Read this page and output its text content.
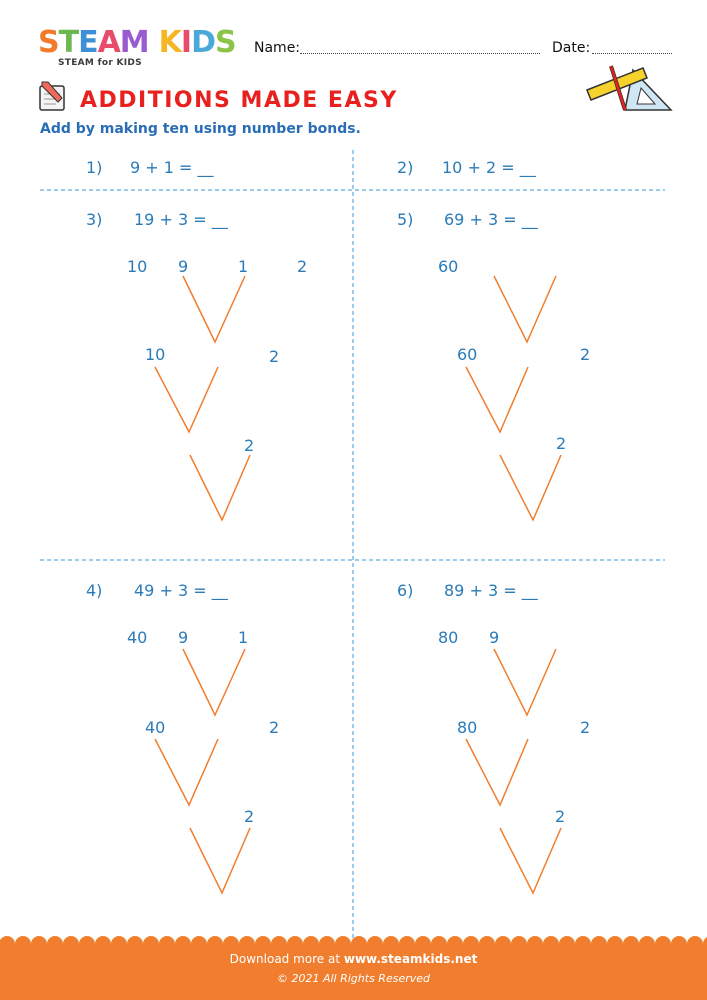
STEAM KIDS
STEAM for KIDS
Name:	Date:
ADDITIONS MADE EASY
Add by making ten using number bonds.
1) 9 + 1 = __	2) 10 + 2 = __
3) 19 + 3 = __
10 9	1	2
10	2
2
5) 69 + 3 = __
60
60	2
2
4) 49 + 3 = __
40 9	1
40	2
2
6) 89 + 3 = __
80 9
80	2
2
Download more at www.steamkids.net
© 2021 All Rights Reserved
